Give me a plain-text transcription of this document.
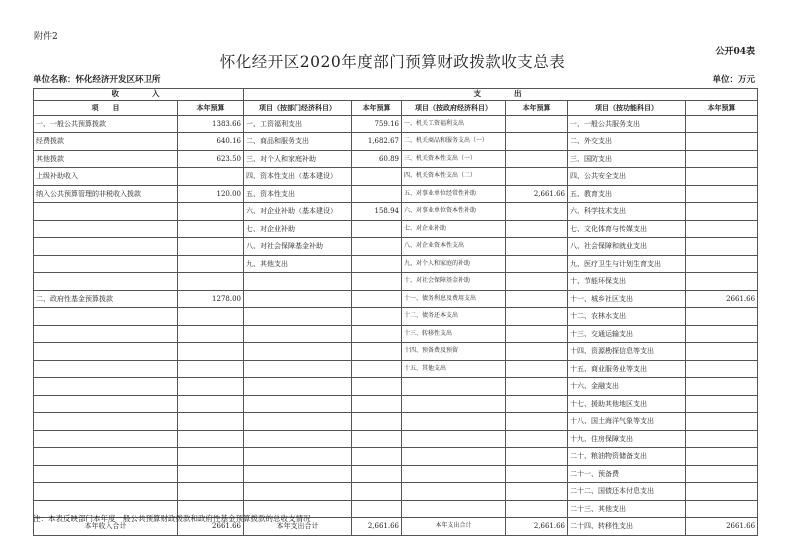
附件2
公开04表
怀化经开区2020年度部门预算财政拨款收支总表
单位名称：怀化经济开发区环卫所	单位：万元
收　　入		支　　出					
项　　目	本年预算	项目（按部门经济科目）	本年预算	项目（按政府经济科目）	本年预算	项目（按功能科目）	本年预算
一、一般公共预算拨款	1383.66	一、工资福利支出	759.16	一、机关工资福利支出		一、一般公共服务支出	
经费拨款	640.16	二、商品和服务支出	1,682.67	二、机关商品和服务支出（一）		二、外交支出	
其他拨款	623.50	三、对个人和家庭补助	60.89	三、机关资本性支出（一）		三、国防支出	
上级补助收入		四、资本性支出（基本建设）		四、机关资本性支出（二）		四、公共安全支出	
纳入公共预算管理的非税收入拨款	120.00	五、资本性支出		五、对事业单位经常性补助	2,661.66	五、教育支出	
		六、对企业补助（基本建设）	158.94	六、对事业单位资本性补助		六、科学技术支出	
		七、对企业补助		七、对企业补助		七、文化体育与传媒支出	
		八、对社会保障基金补助		八、对企业资本性支出		八、社会保障和就业支出	
		九、其他支出		九、对个人和家庭的补助		九、医疗卫生与计划生育支出	
				十、对社会保障基金补助		十、节能环保支出	
二、政府性基金预算拨款	1278.00			十一、债务利息及费用支出		十一、城乡社区支出	2661.66
				十二、债务还本支出		十二、农林水支出	
				十三、转移性支出		十三、交通运输支出	
				十四、预备费及预留		十四、资源勘探信息等支出	
				十五、其他支出		十五、商业服务业等支出	
						十六、金融支出	
						十七、援助其他地区支出	
						十八、国土海洋气象等支出	
						十九、住房保障支出	
						二十、粮油物资储备支出	
						二十一、预备费	
						二十二、国债还本付息支出	
						二十三、其他支出	
本年收入合计	2661.66	本年支出合计	2,661.66	本年支出合计	2,661.66	二十四、转移性支出	2661.66
注：本表反映部门本年度一般公共预算财政拨款和政府性基金预算拨款的总收支情况
